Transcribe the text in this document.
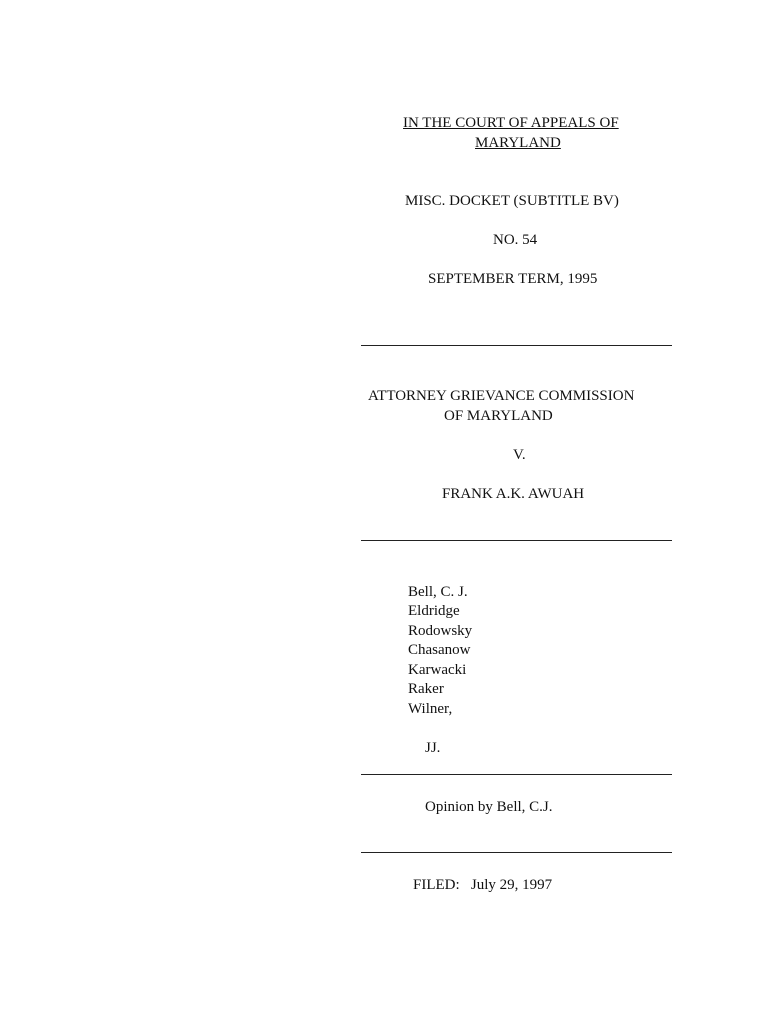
IN THE COURT OF APPEALS OF
MARYLAND
MISC. DOCKET (SUBTITLE BV)
NO. 54
SEPTEMBER TERM, 1995
ATTORNEY GRIEVANCE COMMISSION
OF MARYLAND
V.
FRANK A.K. AWUAH
Bell, C. J.
Eldridge
Rodowsky
Chasanow
Karwacki
Raker
Wilner,
JJ.
Opinion by Bell, C.J.
FILED:   July 29, 1997
